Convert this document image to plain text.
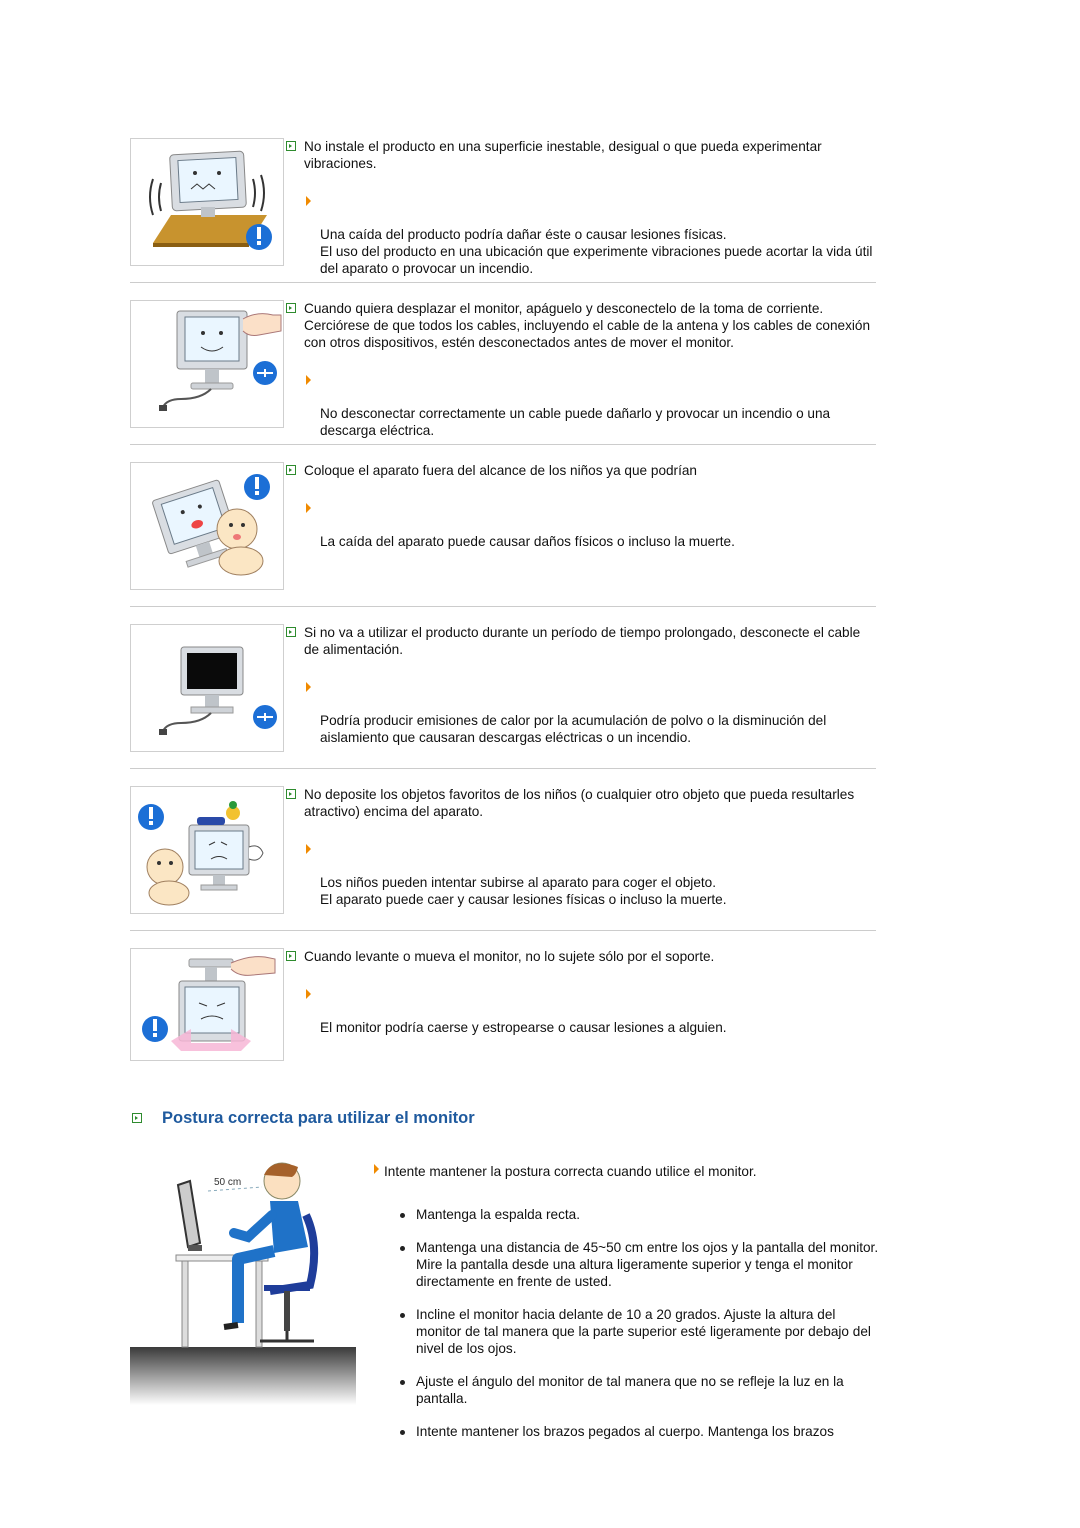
No instale el producto en una superficie inestable, desigual o que pueda experimentar vibraciones.

Una caída del producto podría dañar éste o causar lesiones físicas.
El uso del producto en una ubicación que experimente vibraciones puede acortar la vida útil del aparato o provocar un incendio.

Cuando quiera desplazar el monitor, apáguelo y desconectelo de la toma de corriente. Cerciórese de que todos los cables, incluyendo el cable de la antena y los cables de conexión con otros dispositivos, estén desconectados antes de mover el monitor.

No desconectar correctamente un cable puede dañarlo y provocar un incendio o una descarga eléctrica.

Coloque el aparato fuera del alcance de los niños ya que podrían

La caída del aparato puede causar daños físicos o incluso la muerte.

Si no va a utilizar el producto durante un período de tiempo prolongado, desconecte el cable de alimentación.

Podría producir emisiones de calor por la acumulación de polvo o la disminución del aislamiento que causaran descargas eléctricas o un incendio.

No deposite los objetos favoritos de los niños (o cualquier otro objeto que pueda resultarles atractivo) encima del aparato.

Los niños pueden intentar subirse al aparato para coger el objeto.
El aparato puede caer y causar lesiones físicas o incluso la muerte.

Cuando levante o mueva el monitor, no lo sujete sólo por el soporte.

El monitor podría caerse y estropearse o causar lesiones a alguien.

Postura correcta para utilizar el monitor
50 cm
Intente mantener la postura correcta cuando utilice el monitor.
Mantenga la espalda recta.
Mantenga una distancia de 45~50 cm entre los ojos y la pantalla del monitor. Mire la pantalla desde una altura ligeramente superior y tenga el monitor directamente en frente de usted.
Incline el monitor hacia delante de 10 a 20 grados. Ajuste la altura del monitor de tal manera que la parte superior esté ligeramente por debajo del nivel de los ojos.
Ajuste el ángulo del monitor de tal manera que no se refleje la luz en la pantalla.
Intente mantener los brazos pegados al cuerpo. Mantenga los brazos
